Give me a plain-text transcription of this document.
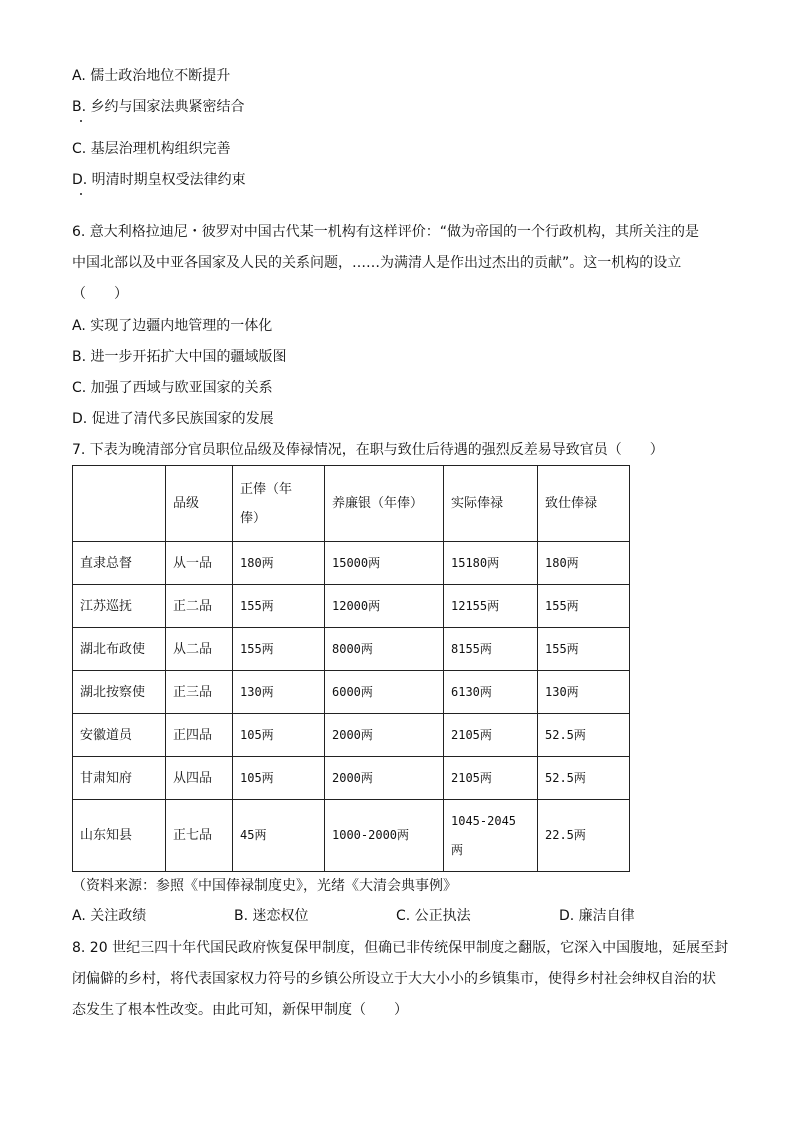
A. 儒士政治地位不断提升
B. 乡约与国家法典紧密结合
C. 基层治理机构组织完善
D. 明清时期皇权受法律约束
6. 意大利格拉迪尼・彼罗对中国古代某一机构有这样评价：“做为帝国的一个行政机构，其所关注的是
中国北部以及中亚各国家及人民的关系问题，……为满清人是作出过杰出的贡献”。这一机构的设立
（　　）
A. 实现了边疆内地管理的一体化
B. 进一步开拓扩大中国的疆域版图
C. 加强了西域与欧亚国家的关系
D. 促进了清代多民族国家的发展
7. 下表为晚清部分官员职位品级及俸禄情况，在职与致仕后待遇的强烈反差易导致官员（　　）
	品级	正俸（年
俸）	养廉银（年俸）	实际俸禄	致仕俸禄
直隶总督	从一品	180两	15000两	15180两	180两
江苏巡抚	正二品	155两	12000两	12155两	155两
湖北布政使	从二品	155两	8000两	8155两	155两
湖北按察使	正三品	130两	6000两	6130两	130两
安徽道员	正四品	105两	2000两	2105两	52.5两
甘肃知府	从四品	105两	2000两	2105两	52.5两
山东知县	正七品	45两	1000-2000两	1045-2045
两	22.5两
（资料来源：参照《中国俸禄制度史》，光绪《大清会典事例》
A. 关注政绩	B. 迷恋权位	C. 公正执法	D. 廉洁自律
8. 20 世纪三四十年代国民政府恢复保甲制度，但确已非传统保甲制度之翻版，它深入中国腹地，延展至封
闭偏僻的乡村，将代表国家权力符号的乡镇公所设立于大大小小的乡镇集市，使得乡村社会绅权自治的状
态发生了根本性改变。由此可知，新保甲制度（　　）
